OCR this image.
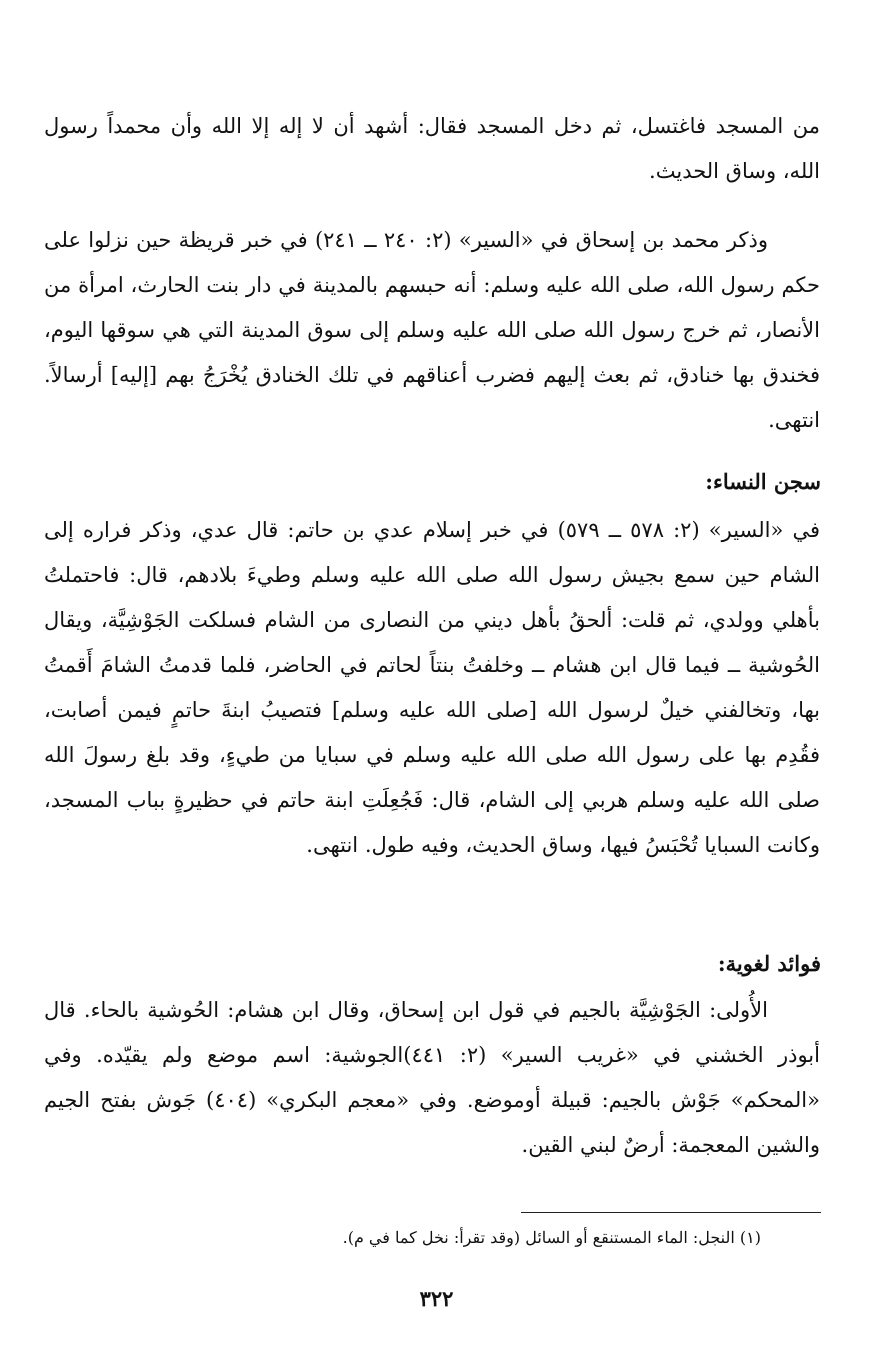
من المسجد فاغتسل، ثم دخل المسجد فقال: أشهد أن لا إله إلا الله وأن محمداً رسول الله، وساق الحديث.

وذكر محمد بن إسحاق في «السير» (٢: ٢٤٠ ــ ٢٤١) في خبر قريظة حين نزلوا على حكم رسول الله، صلى الله عليه وسلم: أنه حبسهم بالمدينة في دار بنت الحارث، امرأة من الأنصار، ثم خرج رسول الله صلى الله عليه وسلم إلى سوق المدينة التي هي سوقها اليوم، فخندق بها خنادق، ثم بعث إليهم فضرب أعناقهم في تلك الخنادق يُخْرَجُ بهم [إليه] أرسالاً. انتهى.

سجن النساء:

في «السير» (٢: ٥٧٨ ــ ٥٧٩) في خبر إسلام عدي بن حاتم: قال عدي، وذكر فراره إلى الشام حين سمع بجيش رسول الله صلى الله عليه وسلم وطيءَ بلادهم، قال: فاحتملتُ بأهلي وولدي، ثم قلت: ألحقُ بأهل ديني من النصارى من الشام فسلكت الجَوْشِيَّة، ويقال الحُوشية ــ فيما قال ابن هشام ــ وخلفتُ بنتاً لحاتم في الحاضر، فلما قدمتُ الشامَ أَقمتُ بها، وتخالفني خيلٌ لرسول الله [صلى الله عليه وسلم] فتصيبُ ابنةَ حاتمٍ فيمن أصابت، فقُدِم بها على رسول الله صلى الله عليه وسلم في سبايا من طيءٍ، وقد بلغ رسولَ الله صلى الله عليه وسلم هربي إلى الشام، قال: فَجُعِلَتِ ابنة حاتم في حظيرةٍ بباب المسجد، وكانت السبايا تُحْبَسُ فيها، وساق الحديث، وفيه طول. انتهى.

فوائد لغوية:

الأُولى: الجَوْشِيَّة بالجيم في قول ابن إسحاق، وقال ابن هشام: الحُوشية بالحاء. قال أبوذر الخشني في «غريب السير» (٢: ٤٤١)الجوشية: اسم موضع ولم يقيّده. وفي «المحكم» جَوْش بالجيم: قبيلة أوموضع. وفي «معجم البكري» (٤٠٤) جَوش بفتح الجيم والشين المعجمة: أرضٌ لبني القين.

(١) النجل: الماء المستنقع أو السائل (وقد تقرأ: نخل كما في م).
٣٢٢
